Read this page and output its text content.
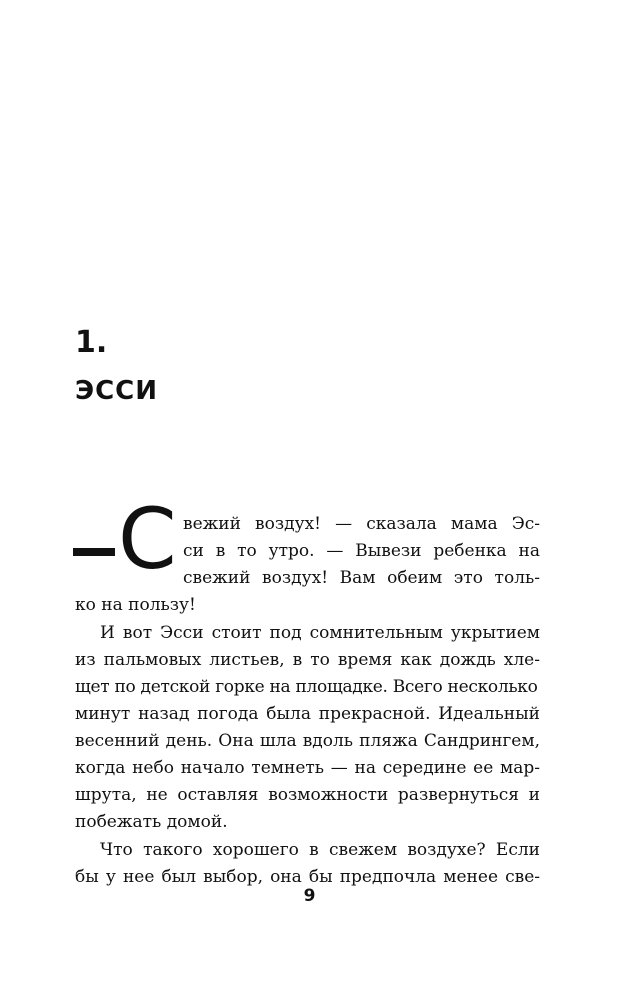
1.
ЭССИ
С вежий воздух! — сказала мама Эс-

си в то утро. — Вывези ребенка на

свежий воздух! Вам обеим это толь-

ко на пользу!

И вот Эсси стоит под сомнительным укрытием

из пальмовых листьев, в то время как дождь хле-

щет по детской горке на площадке. Всего несколько

минут назад погода была прекрасной. Идеальный

весенний день. Она шла вдоль пляжа Сандрингем,

когда небо начало темнеть — на середине ее мар-

шрута, не оставляя возможности развернуться и

побежать домой.

Что такого хорошего в свежем воздухе? Если

бы у нее был выбор, она бы предпочла менее све-

9
